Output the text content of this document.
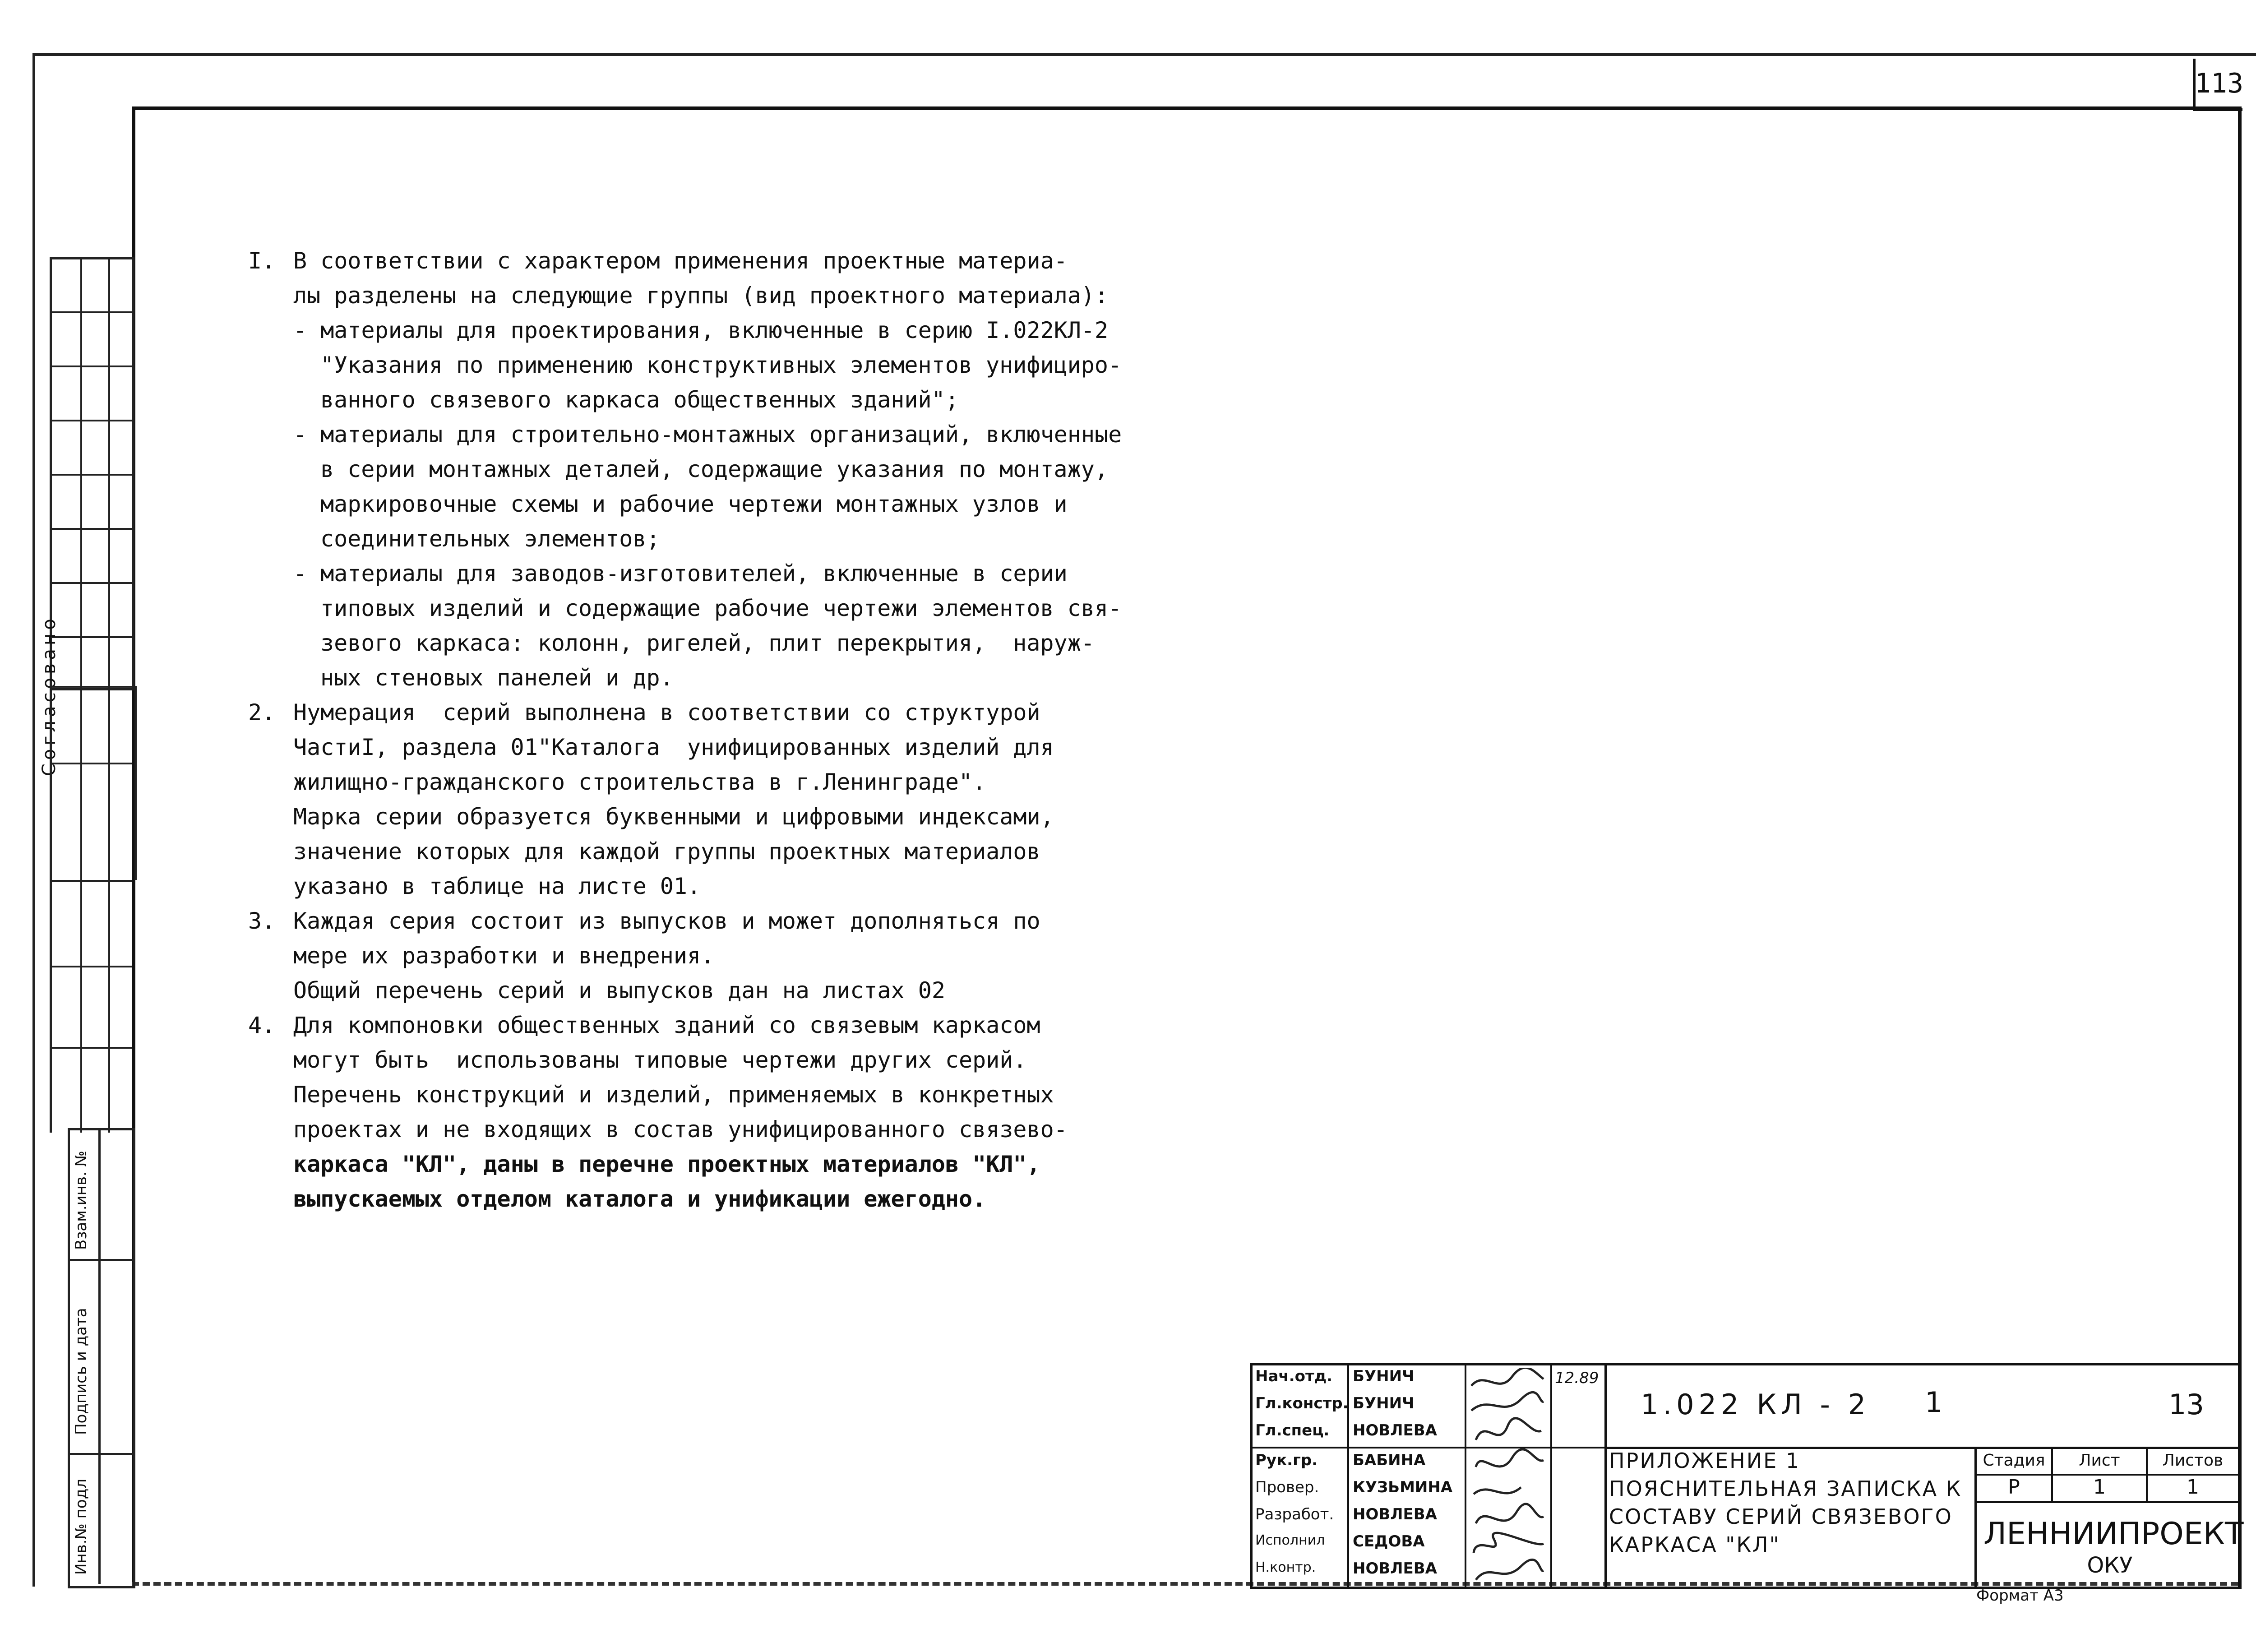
113
Согласовано
Взам.инв. №
Подпись и дата
Инв.№ подл
I. В соответствии с характером применения проектные материа-
лы разделены на следующие группы (вид проектного материала):
- материалы для проектирования, включенные в серию I.022КЛ-2
"Указания по применению конструктивных элементов унифициро-
ванного связевого каркаса общественных зданий";
- материалы для строительно-монтажных организаций, включенные
в серии монтажных деталей, содержащие указания по монтажу,
маркировочные схемы и рабочие чертежи монтажных узлов и
соединительных элементов;
- материалы для заводов-изготовителей, включенные в серии
типовых изделий и содержащие рабочие чертежи элементов свя-
зевого каркаса: колонн, ригелей, плит перекрытия,  наруж-
ных стеновых панелей и др.
2. Нумерация  серий выполнена в соответствии со структурой
ЧастиI, раздела 01"Каталога  унифицированных изделий для
жилищно-гражданского строительства в г.Ленинграде".
Марка серии образуется буквенными и цифровыми индексами,
значение которых для каждой группы проектных материалов
указано в таблице на листе 01.
3. Каждая серия состоит из выпусков и может дополняться по
мере их разработки и внедрения.
Общий перечень серий и выпусков дан на листах 02
4. Для компоновки общественных зданий со связевым каркасом
могут быть  использованы типовые чертежи других серий.
Перечень конструкций и изделий, применяемых в конкретных
проектах и не входящих в состав унифицированного связево-
каркаса "КЛ", даны в перечне проектных материалов "КЛ",
выпускаемых отделом каталога и унификации ежегодно.
Нач.отд. БУНИЧ
Гл.констр. БУНИЧ
Гл.спец. НОВЛЕВА
Рук.гр. БАБИНА
Провер. КУЗЬМИНА
Разработ. НОВЛЕВА
Исполнил СЕДОВА
Н.контр. НОВЛЕВА
12.89
1.022 КЛ - 2 1	13
ПРИЛОЖЕНИЕ 1
ПОЯСНИТЕЛЬНАЯ ЗАПИСКА К
СОСТАВУ СЕРИЙ СВЯЗЕВОГО
КАРКАСА "КЛ"
Стадия	Лист	Листов
Р	1	1
ЛЕННИИПРОЕКТ
ОКУ
Формат А3
